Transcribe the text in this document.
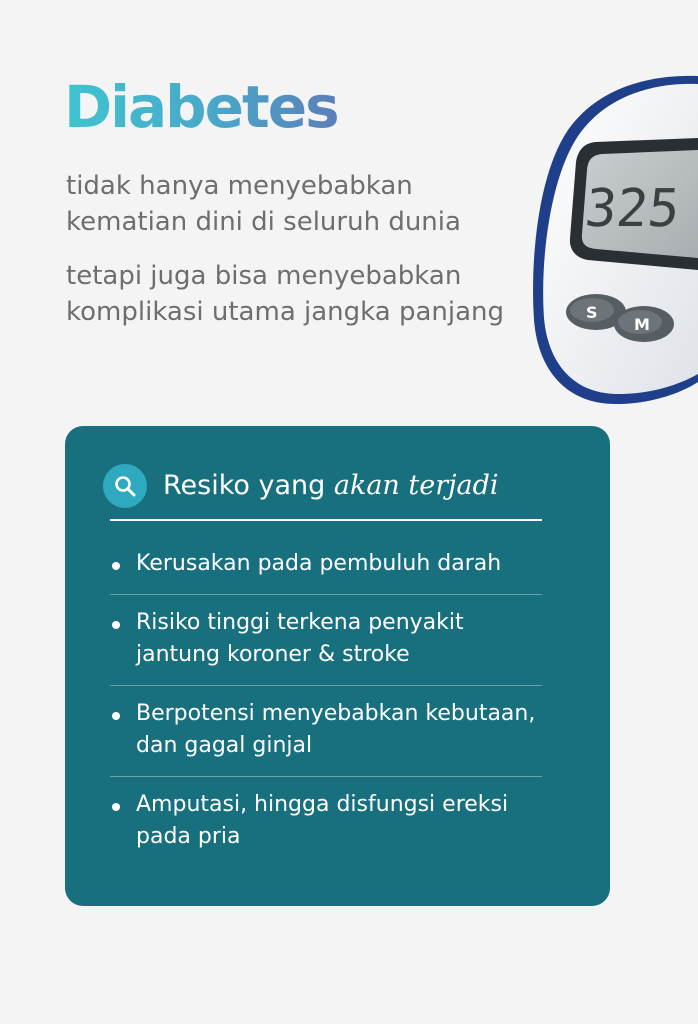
Diabetes

tidak hanya menyebabkan kematian dini di seluruh dunia

tetapi juga bisa menyebabkan komplikasi utama jangka panjang

325
S
M
Resiko yang akan terjadi
Kerusakan pada pembuluh darah
Risiko tinggi terkena penyakit jantung koroner & stroke
Berpotensi menyebabkan kebutaan, dan gagal ginjal
Amputasi, hingga disfungsi ereksi pada pria
